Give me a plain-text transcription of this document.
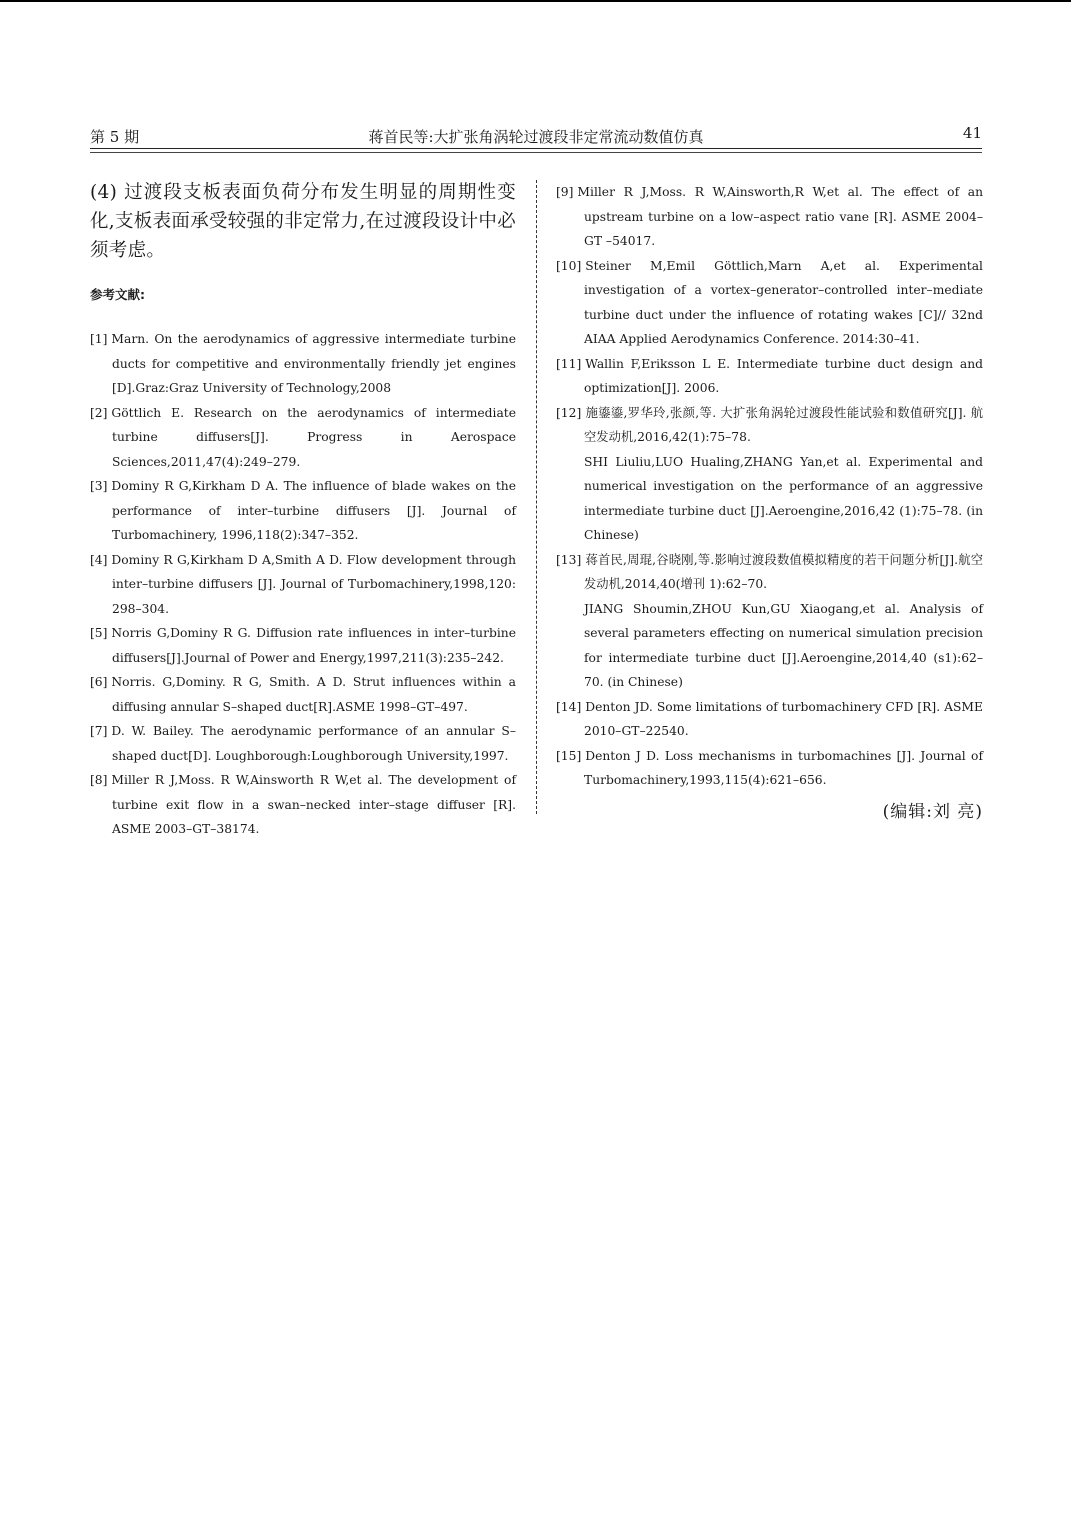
第 5 期	蒋首民等:大扩张角涡轮过渡段非定常流动数值仿真	41

(4) 过渡段支板表面负荷分布发生明显的周期性变化,支板表面承受较强的非定常力,在过渡段设计中必须考虑。

参考文献:
[1] Marn. On the aerodynamics of aggressive intermediate turbine ducts for competitive and environmentally friendly jet engines [D].Graz:Graz University of Technology,2008
[2] Göttlich E. Research on the aerodynamics of intermediate turbine diffusers[J]. Progress in Aerospace Sciences,2011,47(4):249–279.
[3] Dominy R G,Kirkham D A. The influence of blade wakes on the performance of inter–turbine diffusers [J]. Journal of Turbomachinery, 1996,118(2):347–352.
[4] Dominy R G,Kirkham D A,Smith A D. Flow development through inter–turbine diffusers [J]. Journal of Turbomachinery,1998,120: 298–304.
[5] Norris G,Dominy R G. Diffusion rate influences in inter–turbine diffusers[J].Journal of Power and Energy,1997,211(3):235–242.
[6] Norris. G,Dominy. R G, Smith. A D. Strut influences within a diffusing annular S–shaped duct[R].ASME 1998–GT–497.
[7] D. W. Bailey. The aerodynamic performance of an annular S–shaped duct[D]. Loughborough:Loughborough University,1997.
[8] Miller R J,Moss. R W,Ainsworth R W,et al. The development of turbine exit flow in a swan–necked inter–stage diffuser [R]. ASME 2003–GT–38174.
[9] Miller R J,Moss. R W,Ainsworth,R W,et al. The effect of an upstream turbine on a low–aspect ratio vane [R]. ASME 2004– GT –54017.
[10] Steiner M,Emil Göttlich,Marn A,et al. Experimental investigation of a vortex–generator–controlled inter–mediate turbine duct under the influence of rotating wakes [C]// 32nd AIAA Applied Aerodynamics Conference. 2014:30–41.
[11] Wallin F,Eriksson L E. Intermediate turbine duct design and optimization[J]. 2006.
[12] 施鎏鎏,罗华玲,张颜,等. 大扩张角涡轮过渡段性能试验和数值研究[J]. 航空发动机,2016,42(1):75–78.
SHI Liuliu,LUO Hualing,ZHANG Yan,et al. Experimental and numerical investigation on the performance of an aggressive intermediate turbine duct [J].Aeroengine,2016,42 (1):75–78. (in Chinese)
[13] 蒋首民,周琨,谷晓刚,等.影响过渡段数值模拟精度的若干问题分析[J].航空发动机,2014,40(增刊 1):62–70.
JIANG Shoumin,ZHOU Kun,GU Xiaogang,et al. Analysis of several parameters effecting on numerical simulation precision for intermediate turbine duct [J].Aeroengine,2014,40 (s1):62–70. (in Chinese)
[14] Denton JD. Some limitations of turbomachinery CFD [R]. ASME 2010–GT–22540.
[15] Denton J D. Loss mechanisms in turbomachines [J]. Journal of Turbomachinery,1993,115(4):621–656.
(编辑:刘 亮)
